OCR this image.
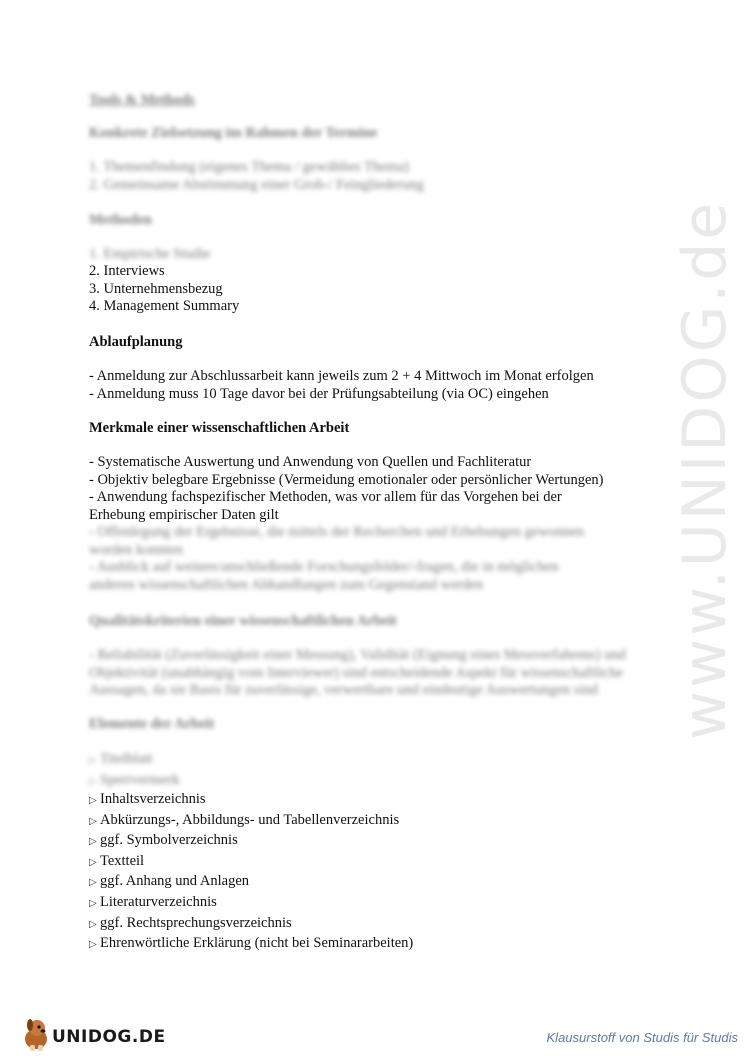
www.UNIDOG.de
Tools & Methods
Konkrete Zielsetzung im Rahmen der Termine
1. Themenfindung (eigenes Thema / gewähltes Thema)
2. Gemeinsame Abstimmung einer Grob-/ Feingliederung
Methoden
1. Empirische Studie
2. Interviews
3. Unternehmensbezug
4. Management Summary
Ablaufplanung
- Anmeldung zur Abschlussarbeit kann jeweils zum 2 + 4 Mittwoch im Monat erfolgen
- Anmeldung muss 10 Tage davor bei der Prüfungsabteilung (via OC) eingehen
Merkmale einer wissenschaftlichen Arbeit
- Systematische Auswertung und Anwendung von Quellen und Fachliteratur
- Objektiv belegbare Ergebnisse (Vermeidung emotionaler oder persönlicher Wertungen)
- Anwendung fachspezifischer Methoden, was vor allem für das Vorgehen bei der
Erhebung empirischer Daten gilt
- Offenlegung der Ergebnisse, die mittels der Recherchen und Erhebungen gewonnen
worden konnten
- Ausblick auf weitere/anschließende Forschungsfelder/-fragen, die in möglichen
anderen wissenschaftlichen Abhandlungen zum Gegenstand werden
Qualitätskriterien einer wissenschaftlichen Arbeit
- Reliabilität (Zuverlässigkeit einer Messung), Validität (Eignung eines Messverfahrens) und
Objektivität (unabhängig vom Interviewer) sind entscheidende Aspekt für wissenschaftliche
Aussagen, da sie Basis für zuverlässige, verwertbare und eindeutige Auswertungen sind
Elemente der Arbeit
▷ Titelblatt
▷ Sperrvermerk
▷ Inhaltsverzeichnis
▷ Abkürzungs-, Abbildungs- und Tabellenverzeichnis
▷ ggf. Symbolverzeichnis
▷ Textteil
▷ ggf. Anhang und Anlagen
▷ Literaturverzeichnis
▷ ggf. Rechtsprechungsverzeichnis
▷ Ehrenwörtliche Erklärung (nicht bei Seminararbeiten)
UNIDOG.DE	Klausurstoff von Studis für Studis
